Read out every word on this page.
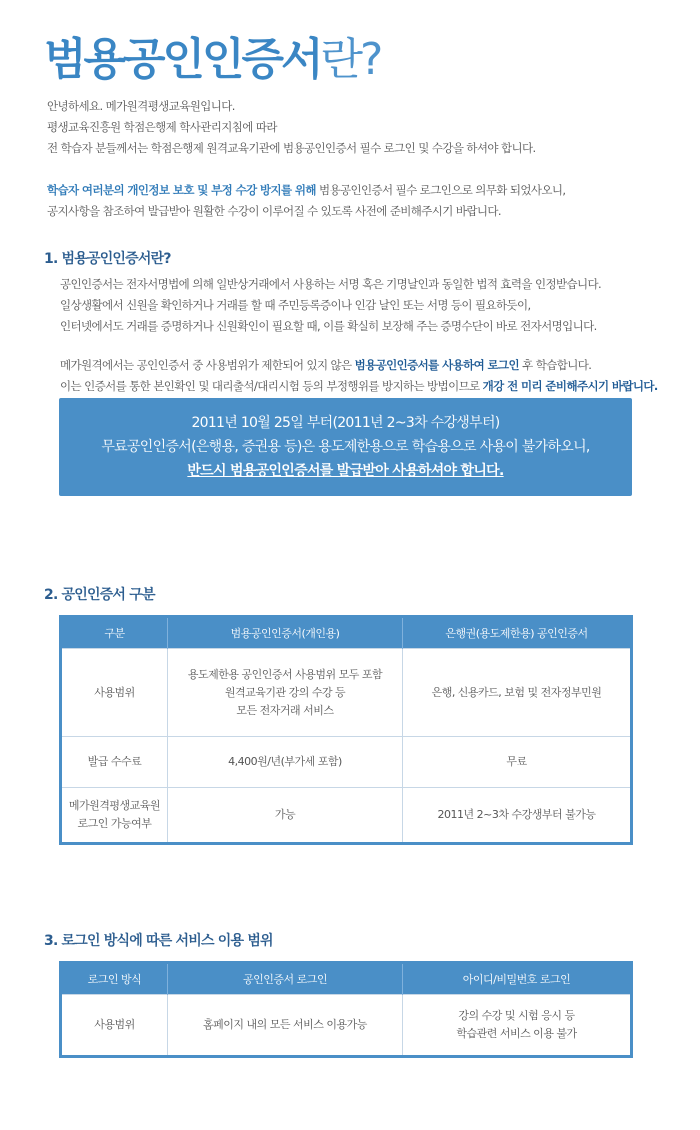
범용공인인증서란?

안녕하세요. 메가원격평생교육원입니다.

평생교육진흥원 학점은행제 학사관리지침에 따라

전 학습자 분들께서는 학점은행제 원격교육기관에 범용공인인증서 필수 로그인 및 수강을 하셔야 합니다.

학습자 여러분의 개인정보 보호 및 부정 수강 방지를 위해 범용공인인증서 필수 로그인으로 의무화 되었사오니,

공지사항을 참조하여 발급받아 원활한 수강이 이루어질 수 있도록 사전에 준비해주시기 바랍니다.

1. 범용공인인증서란?

공인인증서는 전자서명법에 의해 일반상거래에서 사용하는 서명 혹은 기명날인과 동일한 법적 효력을 인정받습니다.

일상생활에서 신원을 확인하거나 거래를 할 때 주민등록증이나 인감 날인 또는 서명 등이 필요하듯이,

인터넷에서도 거래를 증명하거나 신원확인이 필요할 때, 이를 확실히 보장해 주는 증명수단이 바로 전자서명입니다.

메가원격에서는 공인인증서 중 사용범위가 제한되어 있지 않은 범용공인인증서를 사용하여 로그인 후 학습합니다.

이는 인증서를 통한 본인확인 및 대리출석/대리시험 등의 부정행위를 방지하는 방법이므로 개강 전 미리 준비해주시기 바랍니다.

2011년 10월 25일 부터(2011년 2~3차 수강생부터)

무료공인인증서(은행용, 증권용 등)은 용도제한용으로 학습용으로 사용이 불가하오니,

반드시 범용공인인증서를 발급받아 사용하셔야 합니다.

2. 공인인증서 구분
구분	범용공인인증서(개인용)	은행권(용도제한용) 공인인증서
사용범위	용도제한용 공인인증서 사용범위 모두 포함
원격교육기관 강의 수강 등
모든 전자거래 서비스	은행, 신용카드, 보험 및 전자정부민원
발급 수수료	4,400원/년(부가세 포함)	무료

메가원격평생교육원
로그인 가능여부	가능	2011년 2~3차 수강생부터 불가능
3. 로그인 방식에 따른 서비스 이용 범위
로그인 방식	공인인증서 로그인	아이디/비밀번호 로그인
사용범위	홈페이지 내의 모든 서비스 이용가능	강의 수강 및 시험 응시 등
학습관련 서비스 이용 불가
